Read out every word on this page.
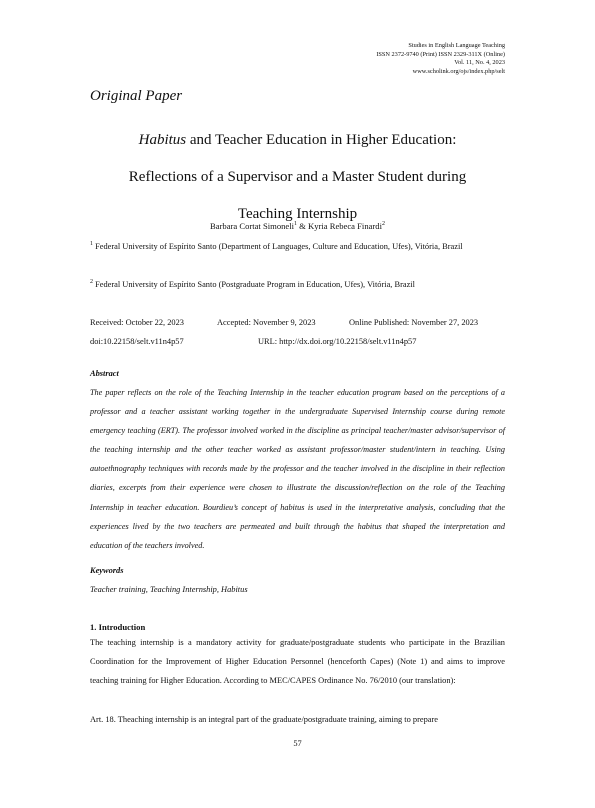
Studies in English Language Teaching
ISSN 2372-9740 (Print) ISSN 2329-311X (Online)
Vol. 11, No. 4, 2023
www.scholink.org/ojs/index.php/selt
Original Paper
Habitus and Teacher Education in Higher Education:
Reflections of a Supervisor and a Master Student during
Teaching Internship
Barbara Cortat Simoneli$^1$ & Kyria Rebeca Finardi$^2$
$^1$ Federal University of Espírito Santo (Department of Languages, Culture and Education, Ufes), Vitória, Brazil
$^2$ Federal University of Espírito Santo (Postgraduate Program in Education, Ufes), Vitória, Brazil
Received: October 22, 2023	Accepted: November 9, 2023	Online Published: November 27, 2023
doi:10.22158/selt.v11n4p57	URL: http://dx.doi.org/10.22158/selt.v11n4p57
Abstract
The paper reflects on the role of the Teaching Internship in the teacher education program based on the perceptions of a professor and a teacher assistant working together in the undergraduate Supervised Internship course during remote emergency teaching (ERT). The professor involved worked in the discipline as principal teacher/master advisor/supervisor of the teaching internship and the other teacher worked as assistant professor/master student/intern in teaching. Using autoethnography techniques with records made by the professor and the teacher involved in the discipline in their reflection diaries, excerpts from their experience were chosen to illustrate the discussion/reflection on the role of the Teaching Internship in teacher education. Bourdieu’s concept of habitus is used in the interpretative analysis, concluding that the experiences lived by the two teachers are permeated and built through the habitus that shaped the interpretation and education of the teachers involved.
Keywords
Teacher training, Teaching Internship, Habitus
1. Introduction
The teaching internship is a mandatory activity for graduate/postgraduate students who participate in the Brazilian Coordination for the Improvement of Higher Education Personnel (henceforth Capes) (Note 1) and aims to improve teaching training for Higher Education. According to MEC/CAPES Ordinance No. 76/2010 (our translation):
Art. 18. Theaching internship is an integral part of the graduate/postgraduate training, aiming to prepare
57
